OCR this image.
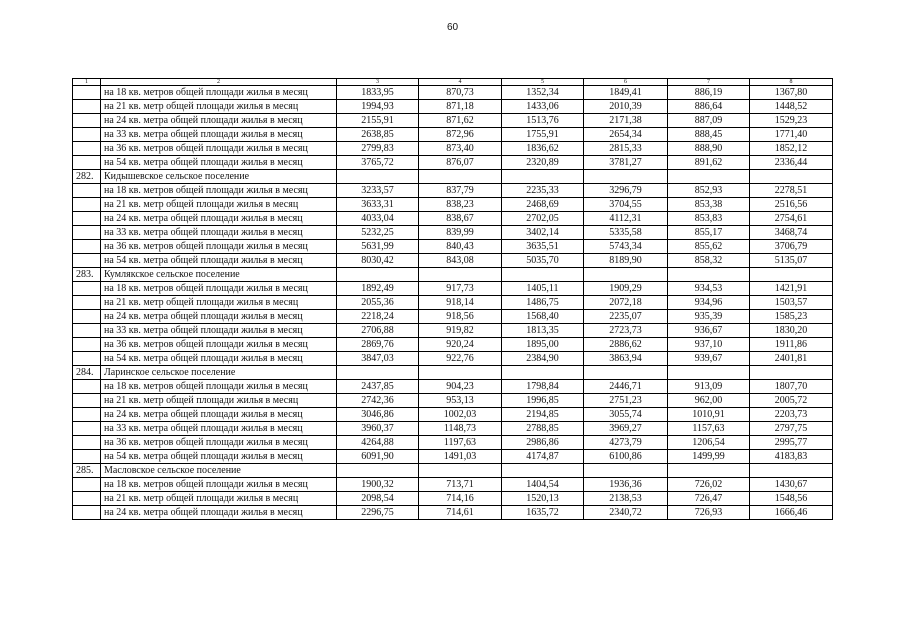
60
1	2	3	4	5	6	7	8
	на 18 кв. метров общей площади жилья в месяц	1833,95	870,73	1352,34	1849,41	886,19	1367,80
	на 21 кв. метр общей площади жилья в месяц	1994,93	871,18	1433,06	2010,39	886,64	1448,52
	на 24 кв. метра общей площади жилья в месяц	2155,91	871,62	1513,76	2171,38	887,09	1529,23
	на 33 кв. метра общей площади жилья в месяц	2638,85	872,96	1755,91	2654,34	888,45	1771,40
	на 36 кв. метров общей площади жилья в месяц	2799,83	873,40	1836,62	2815,33	888,90	1852,12
	на 54 кв. метра общей площади жилья в месяц	3765,72	876,07	2320,89	3781,27	891,62	2336,44
282.	Кидышевское сельское поселение						
	на 18 кв. метров общей площади жилья в месяц	3233,57	837,79	2235,33	3296,79	852,93	2278,51
	на 21 кв. метр общей площади жилья в месяц	3633,31	838,23	2468,69	3704,55	853,38	2516,56
	на 24 кв. метра общей площади жилья в месяц	4033,04	838,67	2702,05	4112,31	853,83	2754,61
	на 33 кв. метра общей площади жилья в месяц	5232,25	839,99	3402,14	5335,58	855,17	3468,74
	на 36 кв. метров общей площади жилья в месяц	5631,99	840,43	3635,51	5743,34	855,62	3706,79
	на 54 кв. метра общей площади жилья в месяц	8030,42	843,08	5035,70	8189,90	858,32	5135,07
283.	Кумлякское сельское поселение						
	на 18 кв. метров общей площади жилья в месяц	1892,49	917,73	1405,11	1909,29	934,53	1421,91
	на 21 кв. метр общей площади жилья в месяц	2055,36	918,14	1486,75	2072,18	934,96	1503,57
	на 24 кв. метра общей площади жилья в месяц	2218,24	918,56	1568,40	2235,07	935,39	1585,23
	на 33 кв. метра общей площади жилья в месяц	2706,88	919,82	1813,35	2723,73	936,67	1830,20
	на 36 кв. метров общей площади жилья в месяц	2869,76	920,24	1895,00	2886,62	937,10	1911,86
	на 54 кв. метра общей площади жилья в месяц	3847,03	922,76	2384,90	3863,94	939,67	2401,81
284.	Ларинское сельское поселение						
	на 18 кв. метров общей площади жилья в месяц	2437,85	904,23	1798,84	2446,71	913,09	1807,70
	на 21 кв. метр общей площади жилья в месяц	2742,36	953,13	1996,85	2751,23	962,00	2005,72
	на 24 кв. метра общей площади жилья в месяц	3046,86	1002,03	2194,85	3055,74	1010,91	2203,73
	на 33 кв. метра общей площади жилья в месяц	3960,37	1148,73	2788,85	3969,27	1157,63	2797,75
	на 36 кв. метров общей площади жилья в месяц	4264,88	1197,63	2986,86	4273,79	1206,54	2995,77
	на 54 кв. метра общей площади жилья в месяц	6091,90	1491,03	4174,87	6100,86	1499,99	4183,83
285.	Масловское сельское поселение						
	на 18 кв. метров общей площади жилья в месяц	1900,32	713,71	1404,54	1936,36	726,02	1430,67
	на 21 кв. метр общей площади жилья в месяц	2098,54	714,16	1520,13	2138,53	726,47	1548,56
	на 24 кв. метра общей площади жилья в месяц	2296,75	714,61	1635,72	2340,72	726,93	1666,46
